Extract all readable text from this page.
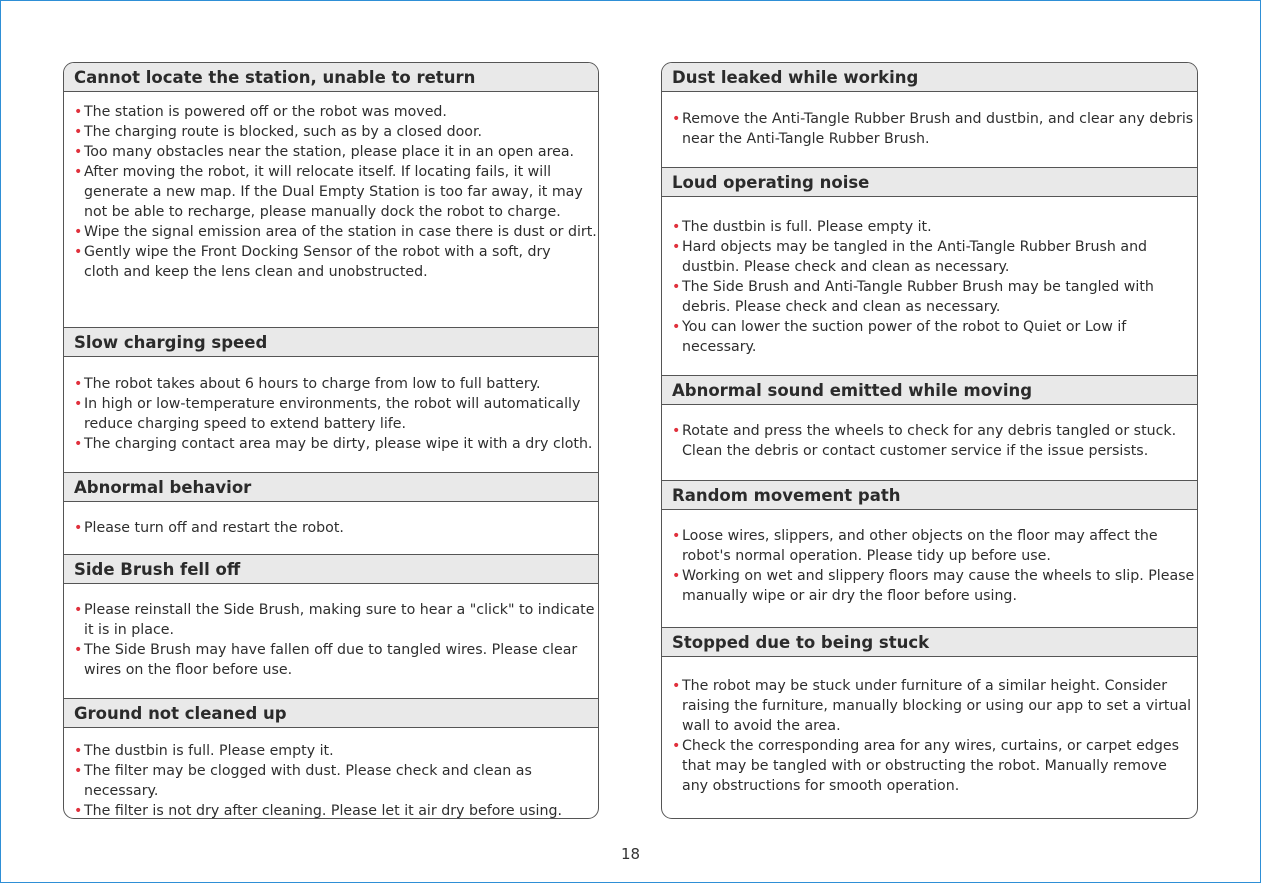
Cannot locate the station, unable to return
• The station is powered off or the robot was moved.
• The charging route is blocked, such as by a closed door.
• Too many obstacles near the station, please place it in an open area.
• After moving the robot, it will relocate itself. If locating fails, it will
generate a new map. If the Dual Empty Station is too far away, it may
not be able to recharge, please manually dock the robot to charge.
• Wipe the signal emission area of the station in case there is dust or dirt.
• Gently wipe the Front Docking Sensor of the robot with a soft, dry
cloth and keep the lens clean and unobstructed.
Slow charging speed
• The robot takes about 6 hours to charge from low to full battery.
• In high or low-temperature environments, the robot will automatically
reduce charging speed to extend battery life.
• The charging contact area may be dirty, please wipe it with a dry cloth.
Abnormal behavior
• Please turn off and restart the robot.
Side Brush fell off
• Please reinstall the Side Brush, making sure to hear a "click" to indicate
it is in place.
• The Side Brush may have fallen off due to tangled wires. Please clear
wires on the floor before use.
Ground not cleaned up
• The dustbin is full. Please empty it.
• The filter may be clogged with dust. Please check and clean as necessary.
• The filter is not dry after cleaning. Please let it air dry before using.
Dust leaked while working
• Remove the Anti-Tangle Rubber Brush and dustbin, and clear any debris
near the Anti-Tangle Rubber Brush.
Loud operating noise
• The dustbin is full. Please empty it.
• Hard objects may be tangled in the Anti-Tangle Rubber Brush and
dustbin. Please check and clean as necessary.
• The Side Brush and Anti-Tangle Rubber Brush may be tangled with
debris. Please check and clean as necessary.
• You can lower the suction power of the robot to Quiet or Low if
necessary.
Abnormal sound emitted while moving
• Rotate and press the wheels to check for any debris tangled or stuck.
Clean the debris or contact customer service if the issue persists.
Random movement path
• Loose wires, slippers, and other objects on the floor may affect the
robot's normal operation. Please tidy up before use.
• Working on wet and slippery floors may cause the wheels to slip. Please
manually wipe or air dry the floor before using.
Stopped due to being stuck
• The robot may be stuck under furniture of a similar height. Consider
raising the furniture, manually blocking or using our app to set a virtual
wall to avoid the area.
• Check the corresponding area for any wires, curtains, or carpet edges
that may be tangled with or obstructing the robot. Manually remove
any obstructions for smooth operation.
18
